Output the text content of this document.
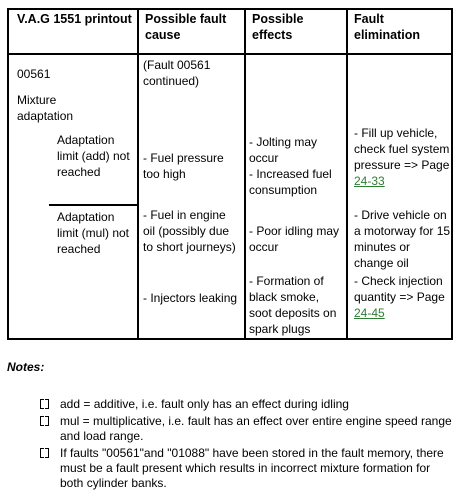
V.A.G 1551 printout Possible fault cause
Possible effects
Fault elimination
00561
Mixture adaptation
Adaptation limit (add) not reached
Adaptation limit (mul) not reached
(Fault 00561 continued)
- Fuel pressure too high
- Fuel in engine oil (possibly due to short journeys)
- Injectors leaking
- Jolting may occur
- Increased fuel consumption
- Poor idling may occur
- Formation of black smoke, soot deposits on spark plugs
- Fill up vehicle, check fuel system pressure => Page 24-33
- Drive vehicle on a motorway for 15 minutes or change oil
- Check injection quantity => Page 24-45
Notes:
add = additive, i.e. fault only has an effect during idling
mul = multiplicative, i.e. fault has an effect over entire engine speed range and load range.
If faults "00561"and "01088" have been stored in the fault memory, there must be a fault present which results in incorrect mixture formation for both cylinder banks.
